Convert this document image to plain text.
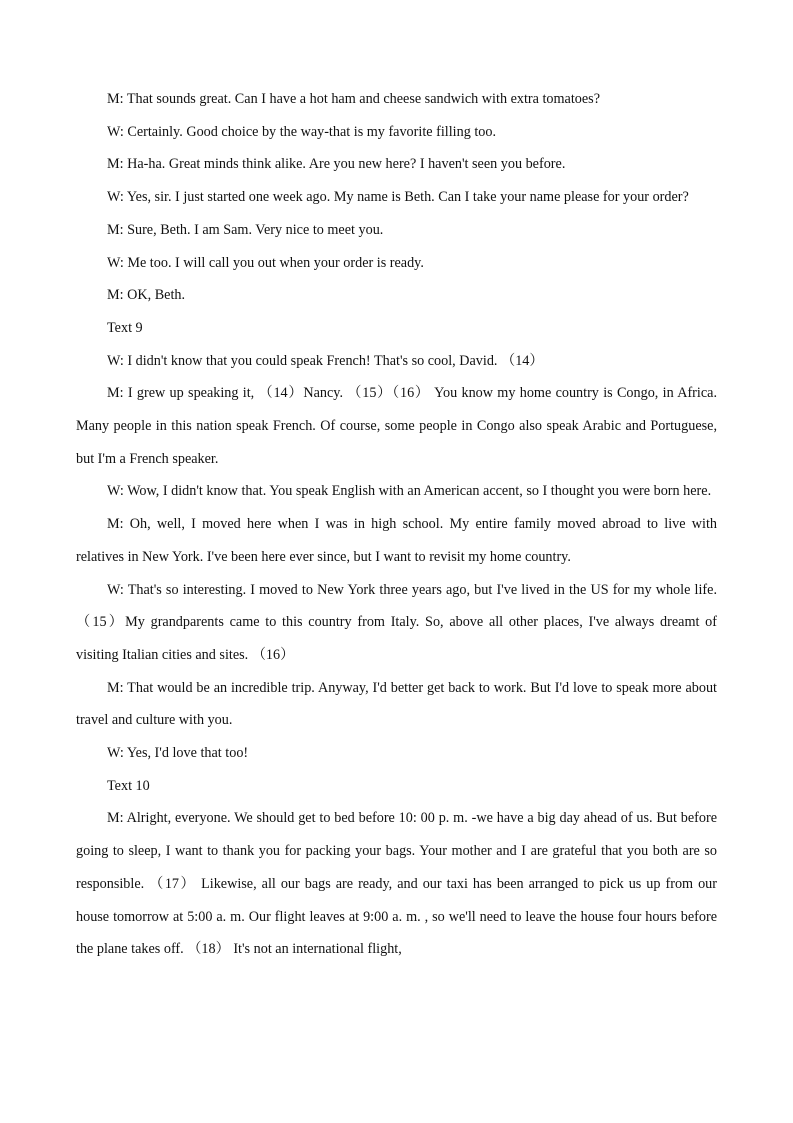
M: That sounds great. Can I have a hot ham and cheese sandwich with extra tomatoes?

W: Certainly. Good choice by the way-that is my favorite filling too.

M: Ha-ha. Great minds think alike. Are you new here? I haven't seen you before.

W: Yes, sir. I just started one week ago. My name is Beth. Can I take your name please for your order?

M: Sure, Beth. I am Sam. Very nice to meet you.

W: Me too. I will call you out when your order is ready.

M: OK, Beth.

Text 9

W: I didn't know that you could speak French! That's so cool, David. （14）

M: I grew up speaking it, （14）Nancy. （15）（16） You know my home country is Congo, in Africa. Many people in this nation speak French. Of course, some people in Congo also speak Arabic and Portuguese, but I'm a French speaker.

W: Wow, I didn't know that. You speak English with an American accent, so I thought you were born here.

M: Oh, well, I moved here when I was in high school. My entire family moved abroad to live with relatives in New York. I've been here ever since, but I want to revisit my home country.

W: That's so interesting. I moved to New York three years ago, but I've lived in the US for my whole life. （15）My grandparents came to this country from Italy. So, above all other places, I've always dreamt of visiting Italian cities and sites. （16）

M: That would be an incredible trip. Anyway, I'd better get back to work. But I'd love to speak more about travel and culture with you.

W: Yes, I'd love that too!

Text 10

M: Alright, everyone. We should get to bed before 10: 00 p. m. -we have a big day ahead of us. But before going to sleep, I want to thank you for packing your bags. Your mother and I are grateful that you both are so responsible. （17） Likewise, all our bags are ready, and our taxi has been arranged to pick us up from our house tomorrow at 5:00 a. m. Our flight leaves at 9:00 a. m. , so we'll need to leave the house four hours before the plane takes off. （18） It's not an international flight,
